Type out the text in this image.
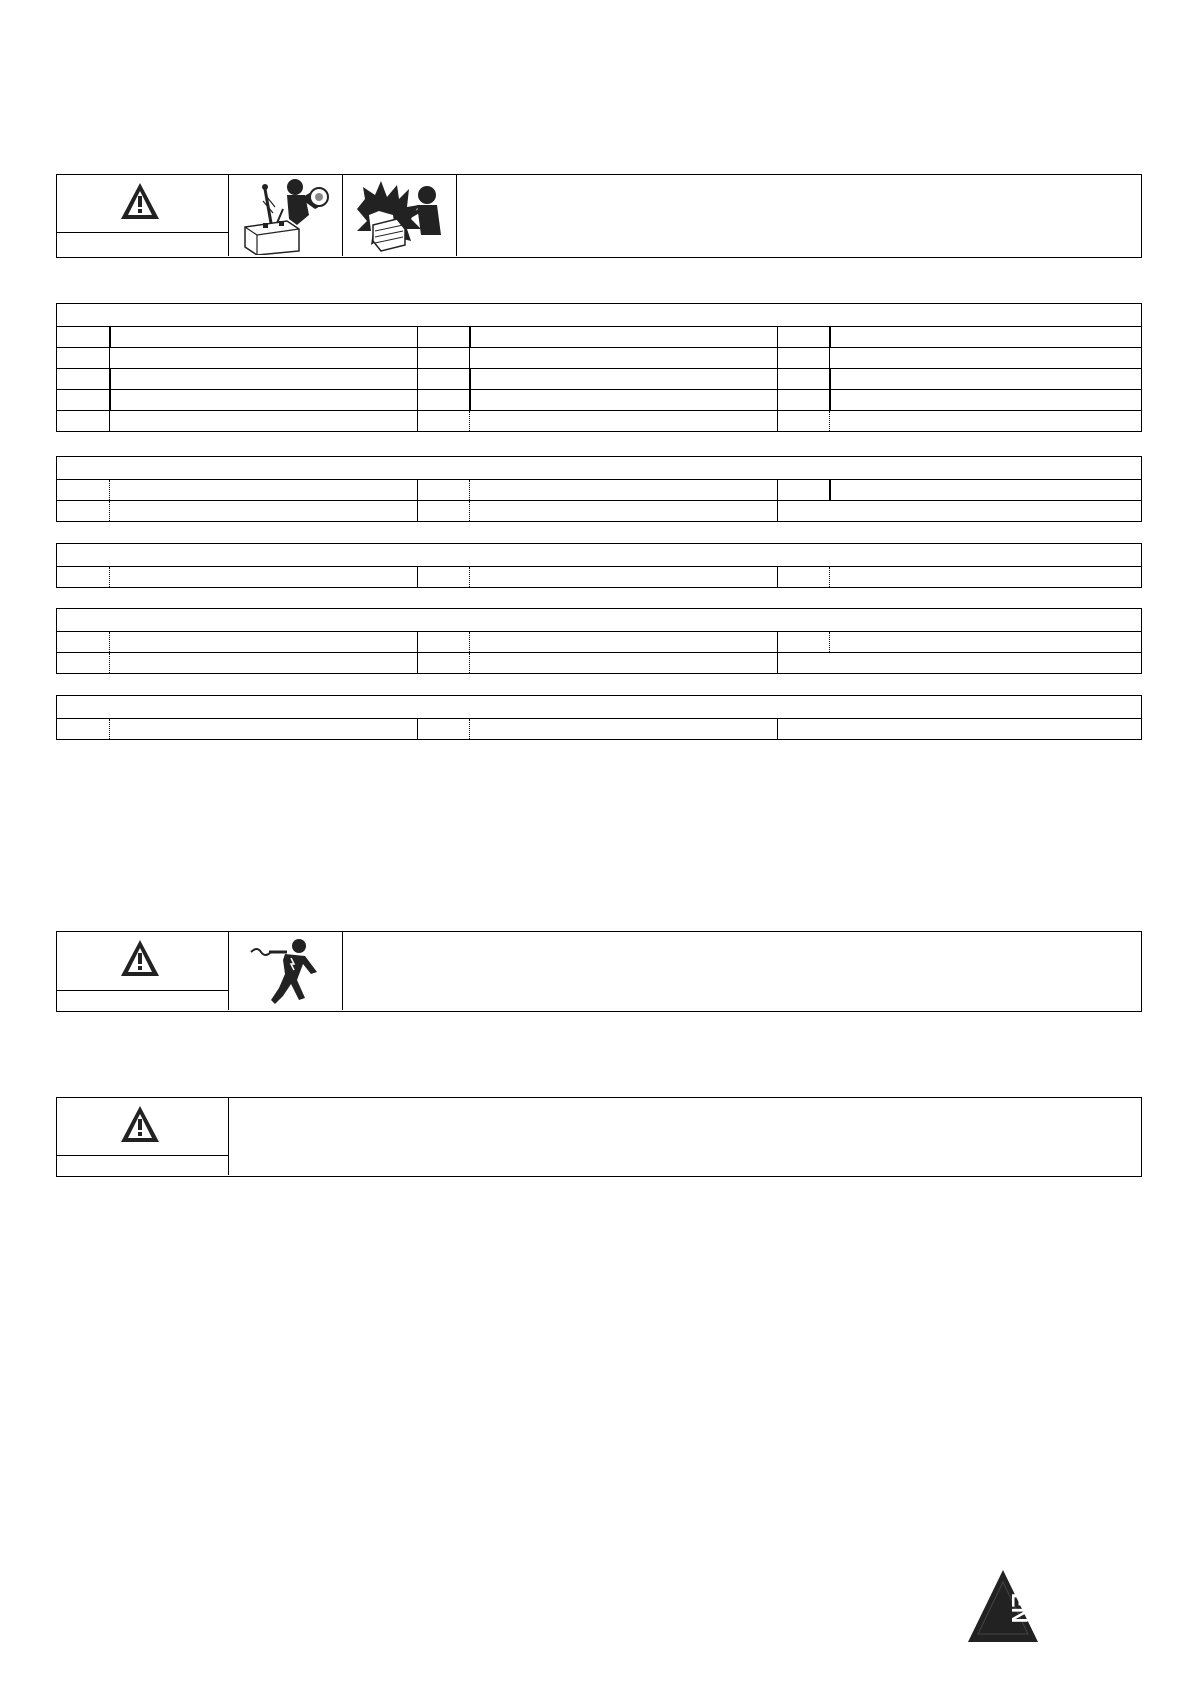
EN
